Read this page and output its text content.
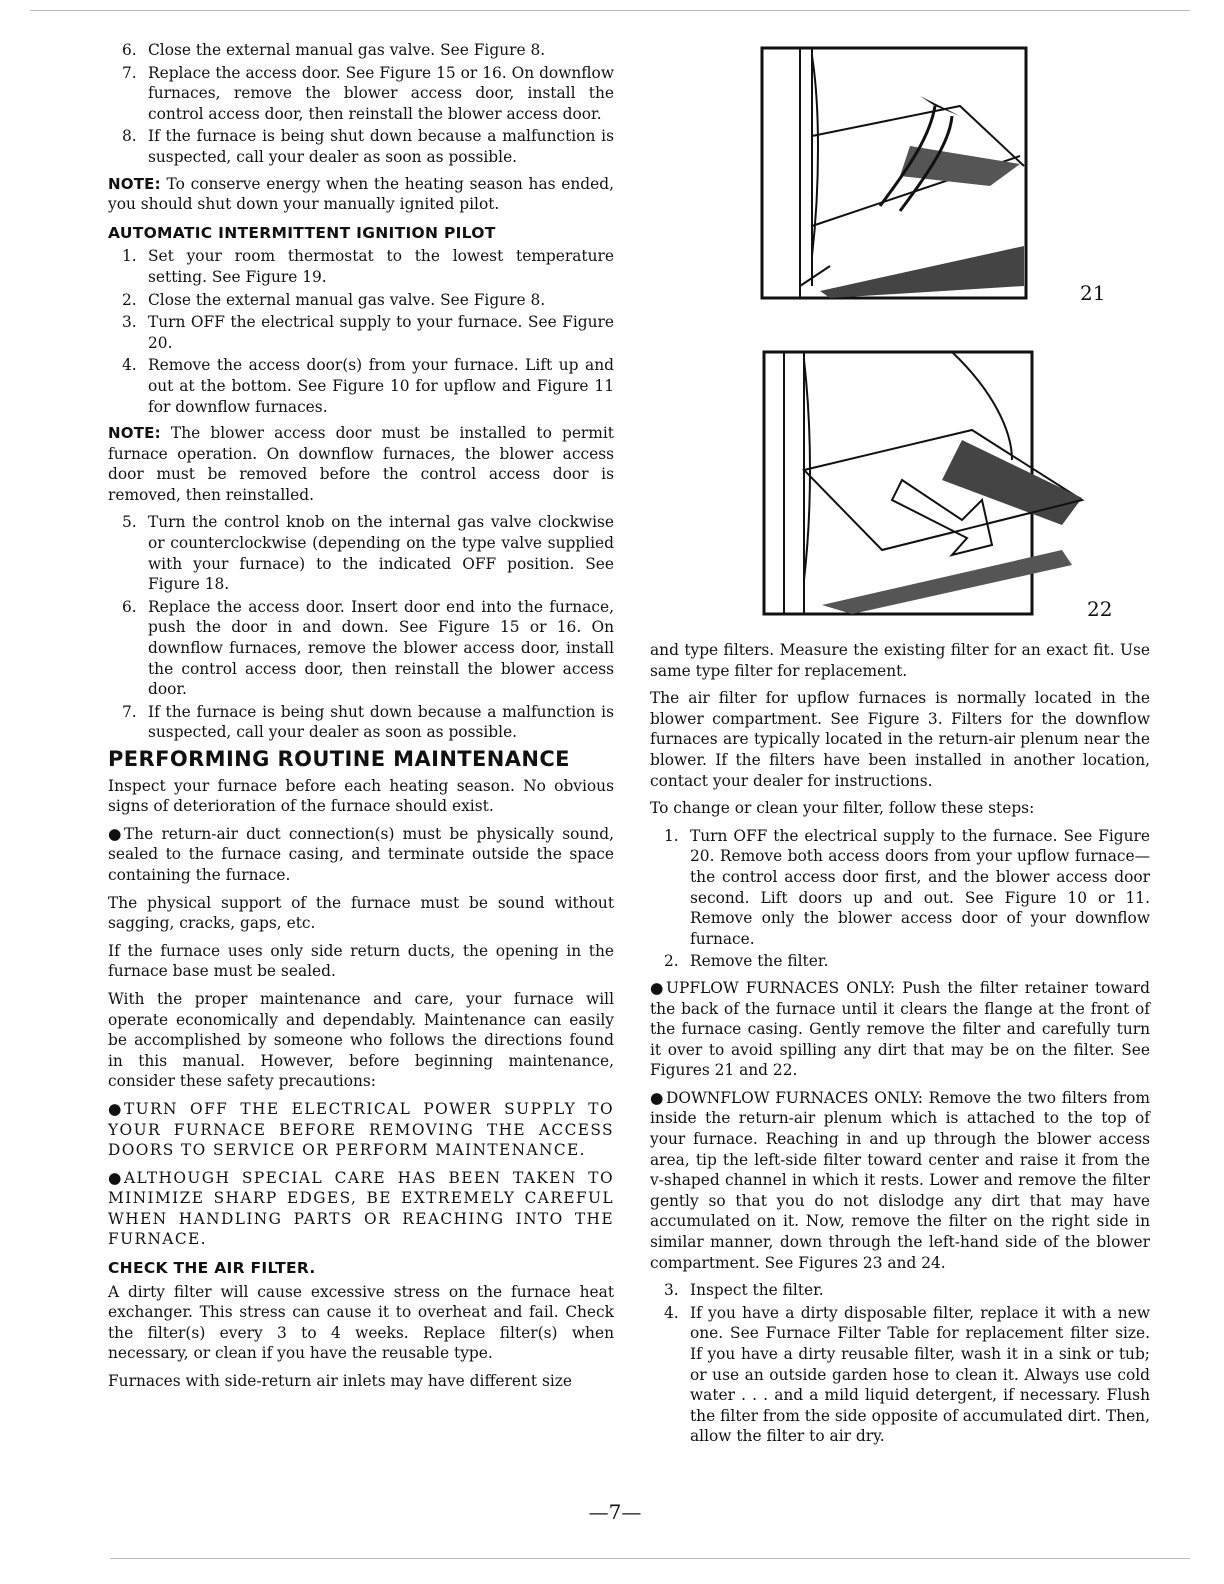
6. Close the external manual gas valve. See Figure 8.
7. Replace the access door. See Figure 15 or 16. On downflow furnaces, remove the blower access door, install the control access door, then reinstall the blower access door.
8. If the furnace is being shut down because a malfunction is suspected, call your dealer as soon as possible.

NOTE: To conserve energy when the heating season has ended, you should shut down your manually ignited pilot.

AUTOMATIC INTERMITTENT IGNITION PILOT
1. Set your room thermostat to the lowest temperature setting. See Figure 19.
2. Close the external manual gas valve. See Figure 8.
3. Turn OFF the electrical supply to your furnace. See Figure 20.
4. Remove the access door(s) from your furnace. Lift up and out at the bottom. See Figure 10 for upflow and Figure 11 for downflow furnaces.

NOTE: The blower access door must be installed to permit furnace operation. On downflow furnaces, the blower access door must be removed before the control access door is removed, then reinstalled.

5. Turn the control knob on the internal gas valve clockwise or counterclockwise (depending on the type valve supplied with your furnace) to the indicated OFF position. See Figure 18.
6. Replace the access door. Insert door end into the furnace, push the door in and down. See Figure 15 or 16. On downflow furnaces, remove the blower access door, install the control access door, then reinstall the blower access door.
7. If the furnace is being shut down because a malfunction is suspected, call your dealer as soon as possible.
PERFORMING ROUTINE MAINTENANCE

Inspect your furnace before each heating season. No obvious signs of deterioration of the furnace should exist.

● The return-air duct connection(s) must be physically sound, sealed to the furnace casing, and terminate outside the space containing the furnace.

The physical support of the furnace must be sound without sagging, cracks, gaps, etc.

If the furnace uses only side return ducts, the opening in the furnace base must be sealed.

With the proper maintenance and care, your furnace will operate economically and dependably. Maintenance can easily be accomplished by someone who follows the directions found in this manual. However, before beginning maintenance, consider these safety precautions:

●TURN OFF THE ELECTRICAL POWER SUPPLY TO YOUR FURNACE BEFORE REMOVING THE ACCESS DOORS TO SERVICE OR PERFORM MAINTENANCE.

●ALTHOUGH SPECIAL CARE HAS BEEN TAKEN TO MINIMIZE SHARP EDGES, BE EXTREMELY CAREFUL WHEN HANDLING PARTS OR REACHING INTO THE FURNACE.

CHECK THE AIR FILTER.

A dirty filter will cause excessive stress on the furnace heat exchanger. This stress can cause it to overheat and fail. Check the filter(s) every 3 to 4 weeks. Replace filter(s) when necessary, or clean if you have the reusable type.

Furnaces with side-return air inlets may have different size

21
22

and type filters. Measure the existing filter for an exact fit. Use same type filter for replacement.

The air filter for upflow furnaces is normally located in the blower compartment. See Figure 3. Filters for the downflow furnaces are typically located in the return-air plenum near the blower. If the filters have been installed in another location, contact your dealer for instructions.

To change or clean your filter, follow these steps:

1. Turn OFF the electrical supply to the furnace. See Figure 20. Remove both access doors from your upflow furnace—the control access door first, and the blower access door second. Lift doors up and out. See Figure 10 or 11. Remove only the blower access door of your downflow furnace.
2. Remove the filter.

● UPFLOW FURNACES ONLY: Push the filter retainer toward the back of the furnace until it clears the flange at the front of the furnace casing. Gently remove the filter and carefully turn it over to avoid spilling any dirt that may be on the filter. See Figures 21 and 22.

● DOWNFLOW FURNACES ONLY: Remove the two filters from inside the return-air plenum which is attached to the top of your furnace. Reaching in and up through the blower access area, tip the left-side filter toward center and raise it from the v-shaped channel in which it rests. Lower and remove the filter gently so that you do not dislodge any dirt that may have accumulated on it. Now, remove the filter on the right side in similar manner, down through the left-hand side of the blower compartment. See Figures 23 and 24.

3. Inspect the filter.
4. If you have a dirty disposable filter, replace it with a new one. See Furnace Filter Table for replacement filter size. If you have a dirty reusable filter, wash it in a sink or tub; or use an outside garden hose to clean it. Always use cold water . . . and a mild liquid detergent, if necessary. Flush the filter from the side opposite of accumulated dirt. Then, allow the filter to air dry.
—7—
